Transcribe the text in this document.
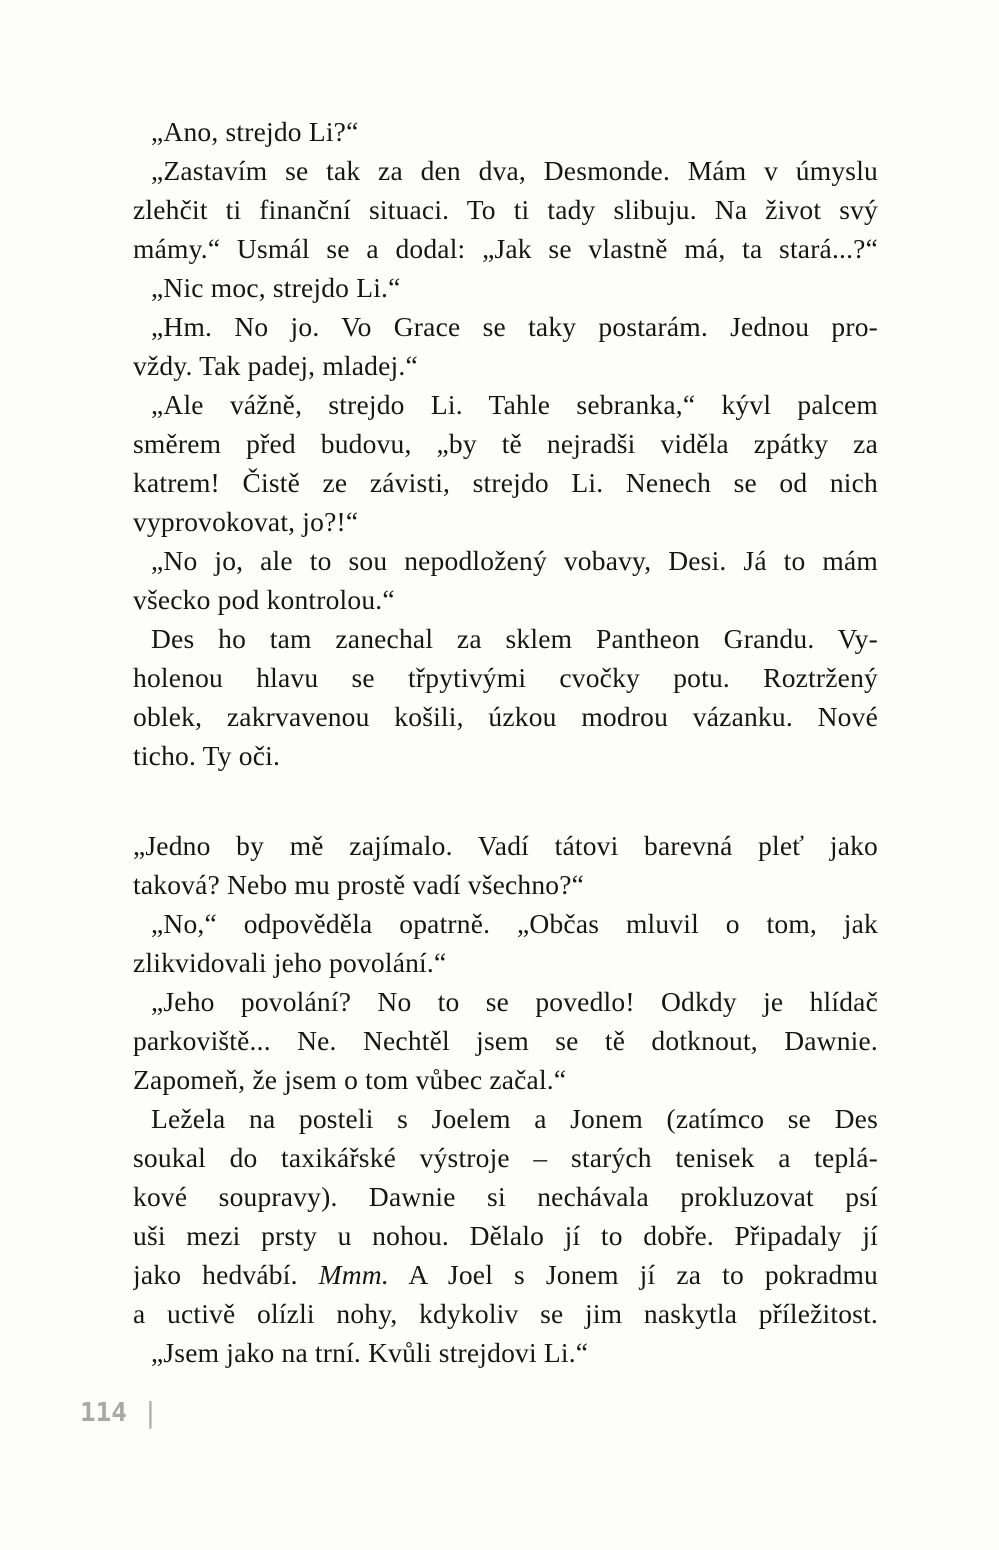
„Ano, strejdo Li?“
„Zastavím se tak za den dva, Desmonde. Mám v úmyslu
zlehčit ti finanční situaci. To ti tady slibuju. Na život svý
mámy.“ Usmál se a dodal: „Jak se vlastně má, ta stará...?“
„Nic moc, strejdo Li.“
„Hm. No jo. Vo Grace se taky postarám. Jednou pro-
vždy. Tak padej, mladej.“
„Ale vážně, strejdo Li. Tahle sebranka,“ kývl palcem
směrem před budovu, „by tě nejradši viděla zpátky za
katrem! Čistě ze závisti, strejdo Li. Nenech se od nich
vyprovokovat, jo?!“
„No jo, ale to sou nepodložený vobavy, Desi. Já to mám
všecko pod kontrolou.“
Des ho tam zanechal za sklem Pantheon Grandu. Vy-
holenou hlavu se třpytivými cvočky potu. Roztržený
oblek, zakrvavenou košili, úzkou modrou vázanku. Nové
ticho. Ty oči.
„Jedno by mě zajímalo. Vadí tátovi barevná pleť jako
taková? Nebo mu prostě vadí všechno?“
„No,“ odpověděla opatrně. „Občas mluvil o tom, jak
zlikvidovali jeho povolání.“
„Jeho povolání? No to se povedlo! Odkdy je hlídač
parkoviště... Ne. Nechtěl jsem se tě dotknout, Dawnie.
Zapomeň, že jsem o tom vůbec začal.“
Ležela na posteli s Joelem a Jonem (zatímco se Des
soukal do taxikářské výstroje – starých tenisek a teplá-
kové soupravy). Dawnie si nechávala prokluzovat psí
uši mezi prsty u nohou. Dělalo jí to dobře. Připadaly jí
jako hedvábí. Mmm. A Joel s Jonem jí za to pokradmu
a uctivě olízli nohy, kdykoliv se jim naskytla příležitost.
„Jsem jako na trní. Kvůli strejdovi Li.“
114 |
